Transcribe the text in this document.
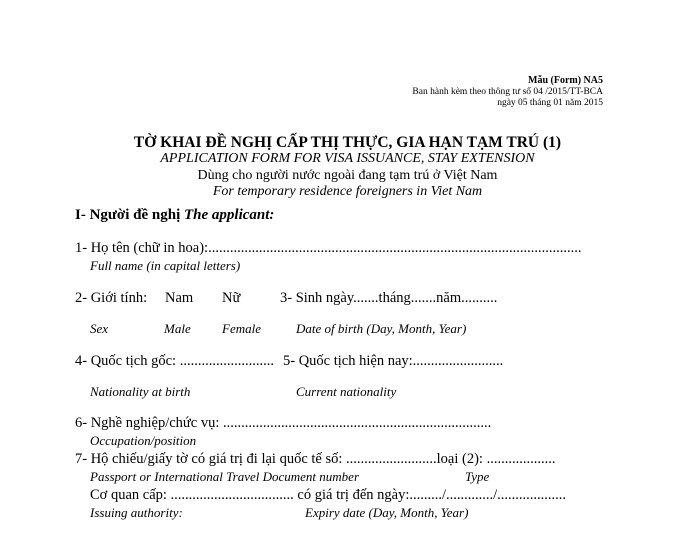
Mẫu (Form) NA5
Ban hành kèm theo thông tư số 04 /2015/TT-BCA
ngày 05 tháng 01 năm 2015
TỜ KHAI ĐỀ NGHỊ CẤP THỊ THỰC, GIA HẠN TẠM TRÚ (1)
APPLICATION FORM FOR VISA ISSUANCE, STAY EXTENSION
Dùng cho người nước ngoài đang tạm trú ở Việt Nam
For temporary residence foreigners in Viet Nam
I- Người đề nghị The applicant:
1- Họ tên (chữ in hoa):.......................................................................................................
Full name (in capital letters)
2- Giới tính: Nam Nữ	3- Sinh ngày.......tháng.......năm..........
Sex	Male Female	Date of birth (Day, Month, Year)
4- Quốc tịch gốc: .......................... 5- Quốc tịch hiện nay:.........................
Nationality at birth	Current nationality
6- Nghề nghiệp/chức vụ: ..........................................................................
Occupation/position
7- Hộ chiếu/giấy tờ có giá trị đi lại quốc tế số: .........................loại (2): ...................
Passport or International Travel Document number	Type
Cơ quan cấp: .................................. có giá trị đến ngày:........./............./...................
Issuing authority:	Expiry date (Day, Month, Year)
